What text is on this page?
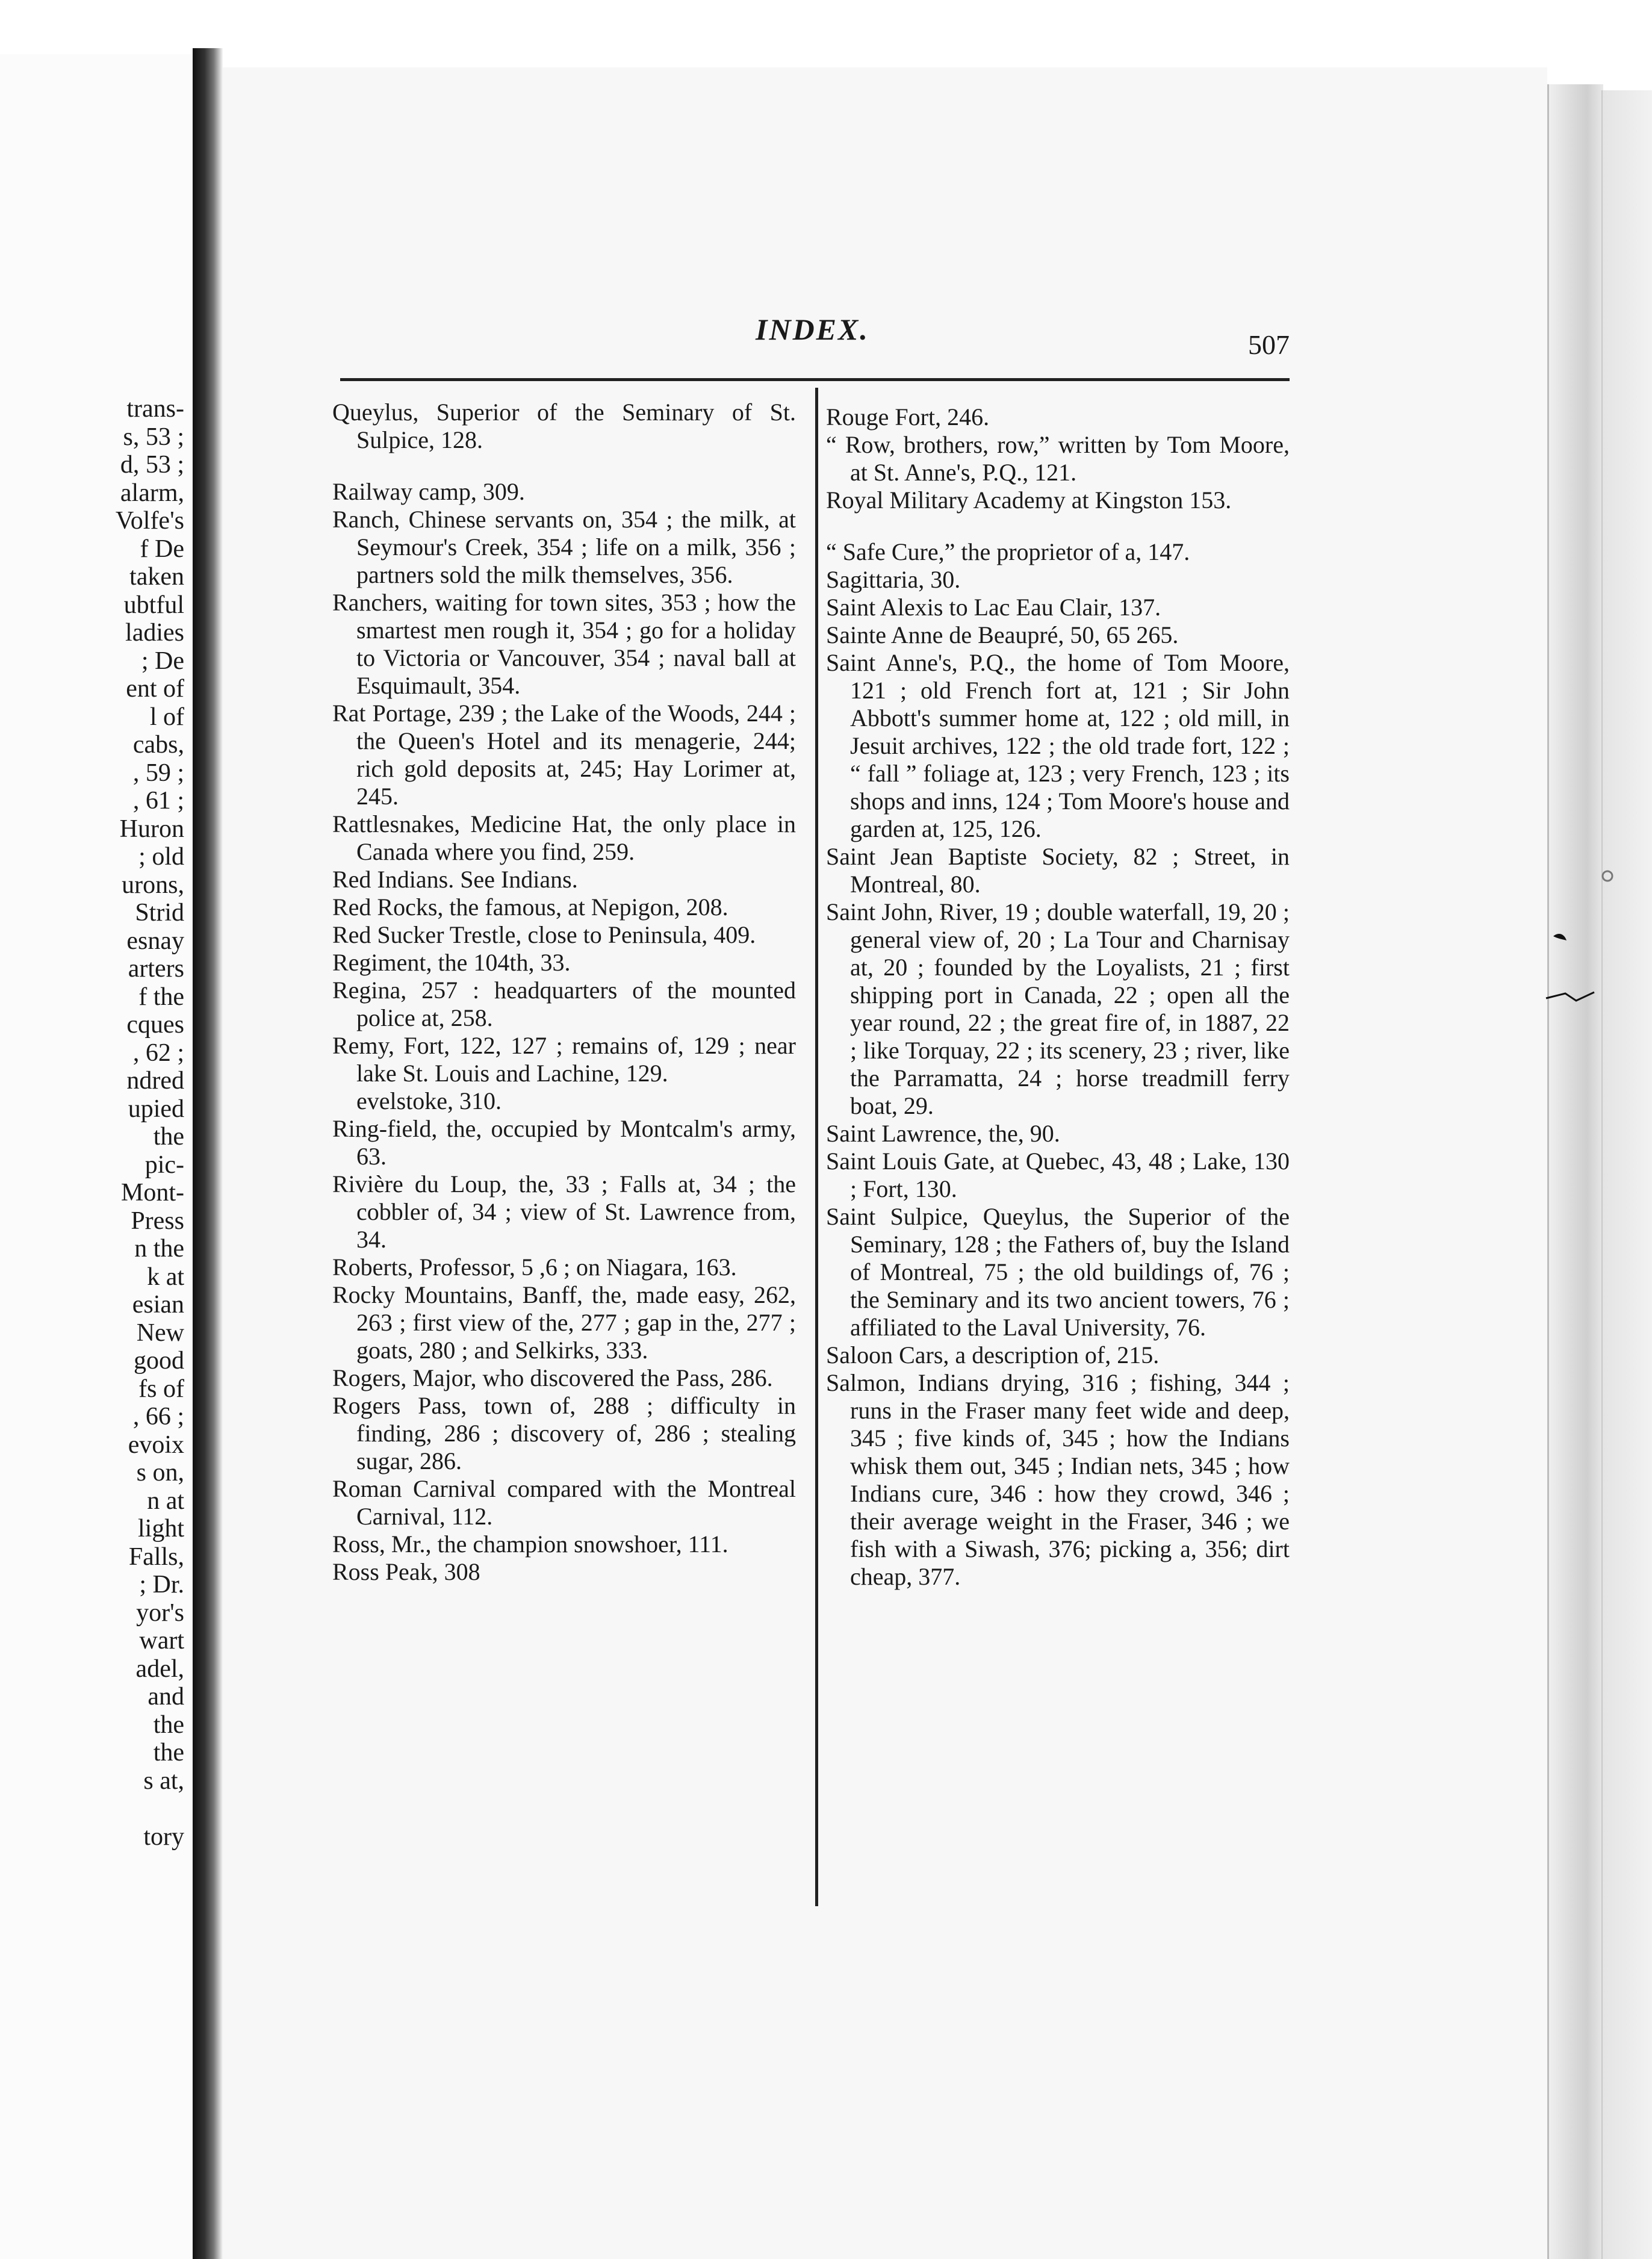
trans-
s, 53 ;
d, 53 ;
alarm,
Volfe's
f De
taken
ubtful
ladies
; De
ent of
l of
cabs,
, 59 ;
, 61 ;
Huron
; old
urons,
Strid
esnay
arters
f the
cques
, 62 ;
ndred
upied
the
pic-
Mont-
Press
n the
k at
esian
New
good
fs of
, 66 ;
evoix
s on,
n at
light
Falls,
; Dr.
yor's
wart
adel,
and
the
the
s at,
tory
INDEX.	507

Queylus, Superior of the Seminary of St. Sulpice, 128.

Railway camp, 309.

Ranch, Chinese servants on, 354 ; the milk, at Seymour's Creek, 354 ; life on a milk, 356 ; partners sold the milk themselves, 356.

Ranchers, waiting for town sites, 353 ; how the smartest men rough it, 354 ; go for a holiday to Victoria or Vancouver, 354 ; naval ball at Esquimault, 354.

Rat Portage, 239 ; the Lake of the Woods, 244 ; the Queen's Hotel and its menagerie, 244; rich gold deposits at, 245; Hay Lorimer at, 245.

Rattlesnakes, Medicine Hat, the only place in Canada where you find, 259.

Red Indians. See Indians.

Red Rocks, the famous, at Nepigon, 208.

Red Sucker Trestle, close to Peninsula, 409.

Regiment, the 104th, 33.

Regina, 257 : headquarters of the mounted police at, 258.

Remy, Fort, 122, 127 ; remains of, 129 ; near lake St. Louis and Lachine, 129.

evelstoke, 310.

Ring-field, the, occupied by Montcalm's army, 63.

Rivière du Loup, the, 33 ; Falls at, 34 ; the cobbler of, 34 ; view of St. Lawrence from, 34.

Roberts, Professor, 5 ,6 ; on Niagara, 163.

Rocky Mountains, Banff, the, made easy, 262, 263 ; first view of the, 277 ; gap in the, 277 ; goats, 280 ; and Selkirks, 333.

Rogers, Major, who discovered the Pass, 286.

Rogers Pass, town of, 288 ; difficulty in finding, 286 ; discovery of, 286 ; stealing sugar, 286.

Roman Carnival compared with the Montreal Carnival, 112.

Ross, Mr., the champion snowshoer, 111.

Ross Peak, 308

Rouge Fort, 246.

“ Row, brothers, row,” written by Tom Moore, at St. Anne's, P.Q., 121.

Royal Military Academy at Kingston 153.

“ Safe Cure,” the proprietor of a, 147.

Sagittaria, 30.

Saint Alexis to Lac Eau Clair, 137.

Sainte Anne de Beaupré, 50, 65 265.

Saint Anne's, P.Q., the home of Tom Moore, 121 ; old French fort at, 121 ; Sir John Abbott's summer home at, 122 ; old mill, in Jesuit archives, 122 ; the old trade fort, 122 ; “ fall ” foliage at, 123 ; very French, 123 ; its shops and inns, 124 ; Tom Moore's house and garden at, 125, 126.

Saint Jean Baptiste Society, 82 ; Street, in Montreal, 80.

Saint John, River, 19 ; double waterfall, 19, 20 ; general view of, 20 ; La Tour and Charnisay at, 20 ; founded by the Loyalists, 21 ; first shipping port in Canada, 22 ; open all the year round, 22 ; the great fire of, in 1887, 22 ; like Torquay, 22 ; its scenery, 23 ; river, like the Parramatta, 24 ; horse treadmill ferry boat, 29.

Saint Lawrence, the, 90.

Saint Louis Gate, at Quebec, 43, 48 ; Lake, 130 ; Fort, 130.

Saint Sulpice, Queylus, the Superior of the Seminary, 128 ; the Fathers of, buy the Island of Montreal, 75 ; the old buildings of, 76 ; the Seminary and its two ancient towers, 76 ; affiliated to the Laval University, 76.

Saloon Cars, a description of, 215.

Salmon, Indians drying, 316 ; fishing, 344 ; runs in the Fraser many feet wide and deep, 345 ; five kinds of, 345 ; how the Indians whisk them out, 345 ; Indian nets, 345 ; how Indians cure, 346 : how they crowd, 346 ; their average weight in the Fraser, 346 ; we fish with a Siwash, 376; picking a, 356; dirt cheap, 377.
